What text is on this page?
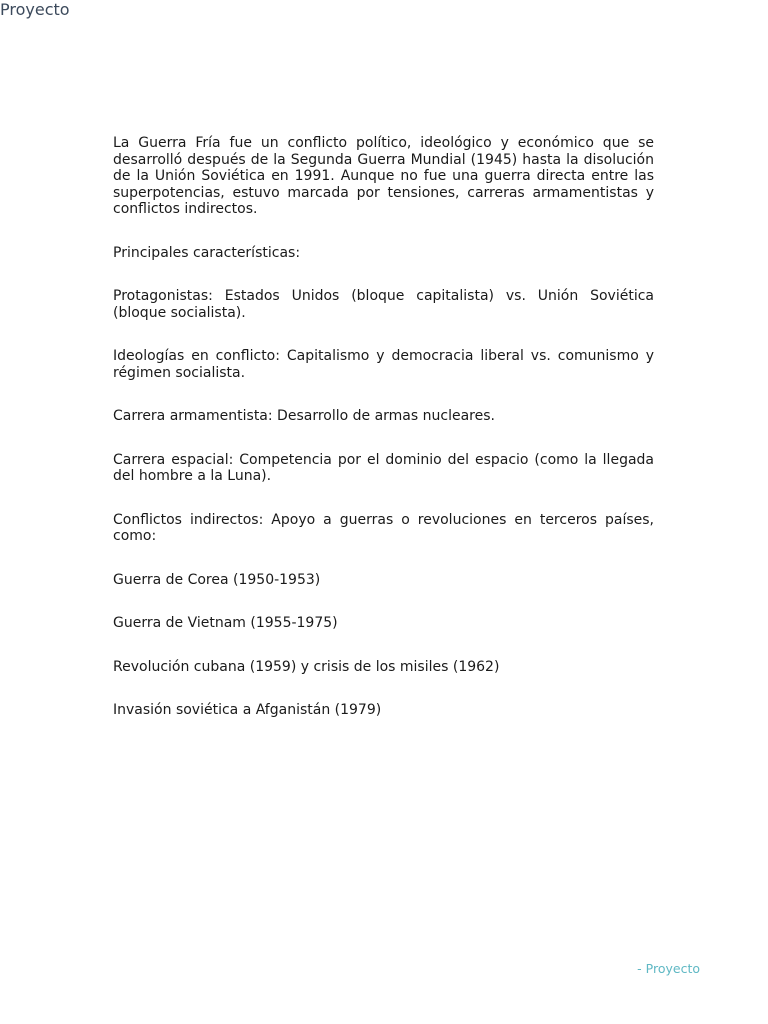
Proyecto

La Guerra Fría fue un conflicto político, ideológico y económico que se desarrolló después de la Segunda Guerra Mundial (1945) hasta la disolución de la Unión Soviética en 1991. Aunque no fue una guerra directa entre las superpotencias, estuvo marcada por tensiones, carreras armamentistas y conflictos indirectos.

Principales características:

Protagonistas: Estados Unidos (bloque capitalista) vs. Unión Soviética (bloque socialista).

Ideologías en conflicto: Capitalismo y democracia liberal vs. comunismo y régimen socialista.

Carrera armamentista: Desarrollo de armas nucleares.

Carrera espacial: Competencia por el dominio del espacio (como la llegada del hombre a la Luna).

Conflictos indirectos: Apoyo a guerras o revoluciones en terceros países, como:

Guerra de Corea (1950-1953)

Guerra de Vietnam (1955-1975)

Revolución cubana (1959) y crisis de los misiles (1962)

Invasión soviética a Afganistán (1979)

- Proyecto
